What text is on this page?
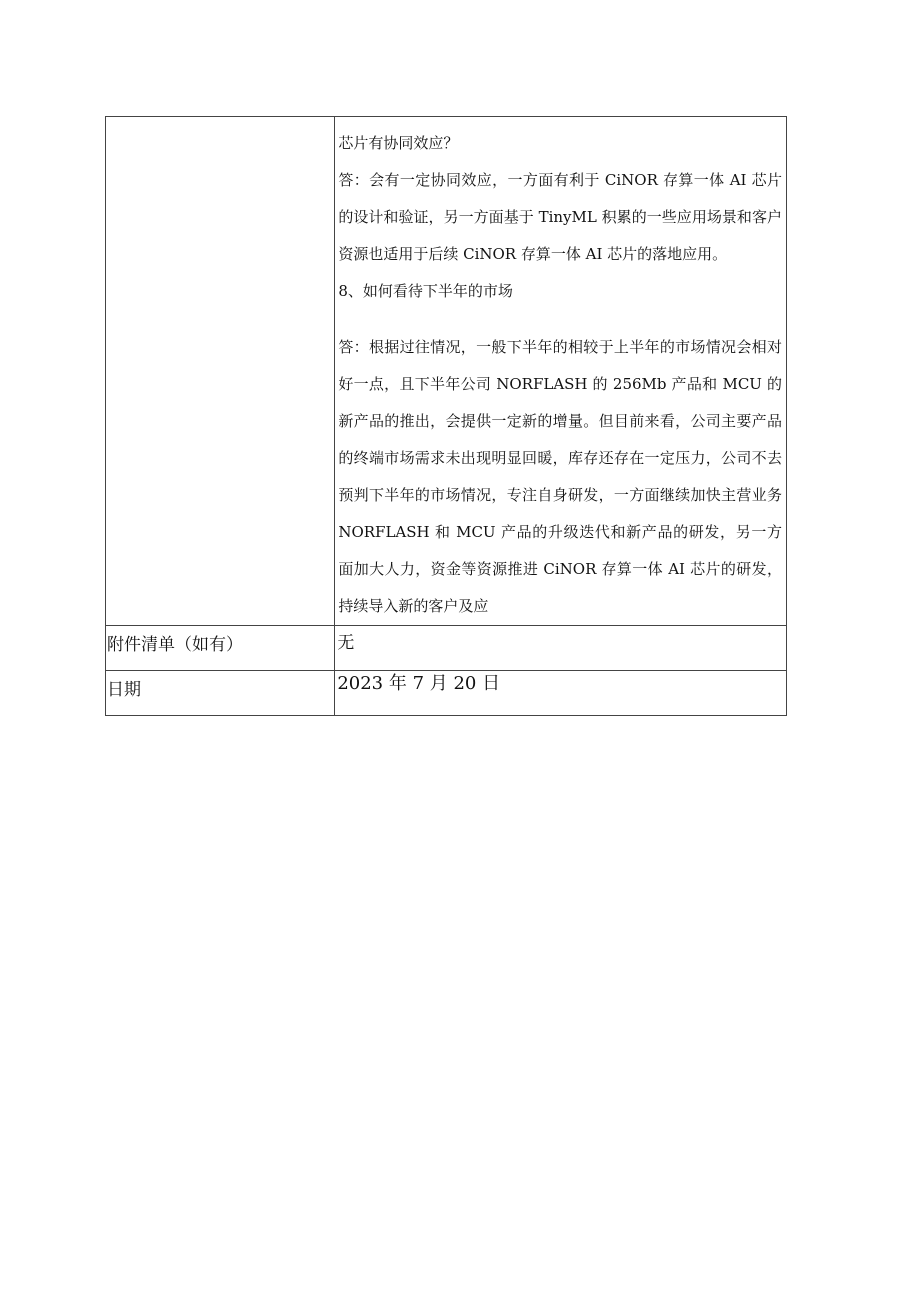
	芯片有协同效应？

答：会有一定协同效应，一方面有利于 CiNOR 存算一体 AI 芯片的设计和验证，另一方面基于 TinyML 积累的一些应用场景和客户资源也适用于后续 CiNOR 存算一体 AI 芯片的落地应用。

8、如何看待下半年的市场

答：根据过往情况，一般下半年的相较于上半年的市场情况会相对好一点，且下半年公司 NORFLASH 的 256Mb 产品和 MCU 的新产品的推出，会提供一定新的增量。但目前来看，公司主要产品的终端市场需求未出现明显回暖，库存还存在一定压力，公司不去预判下半年的市场情况，专注自身研发，一方面继续加快主营业务 NORFLASH 和 MCU 产品的升级迭代和新产品的研发，另一方面加大人力，资金等资源推进 CiNOR 存算一体 AI 芯片的研发，持续导入新的客户及应

附件清单（如有）	无
日期	2023 年 7 月 20 日
